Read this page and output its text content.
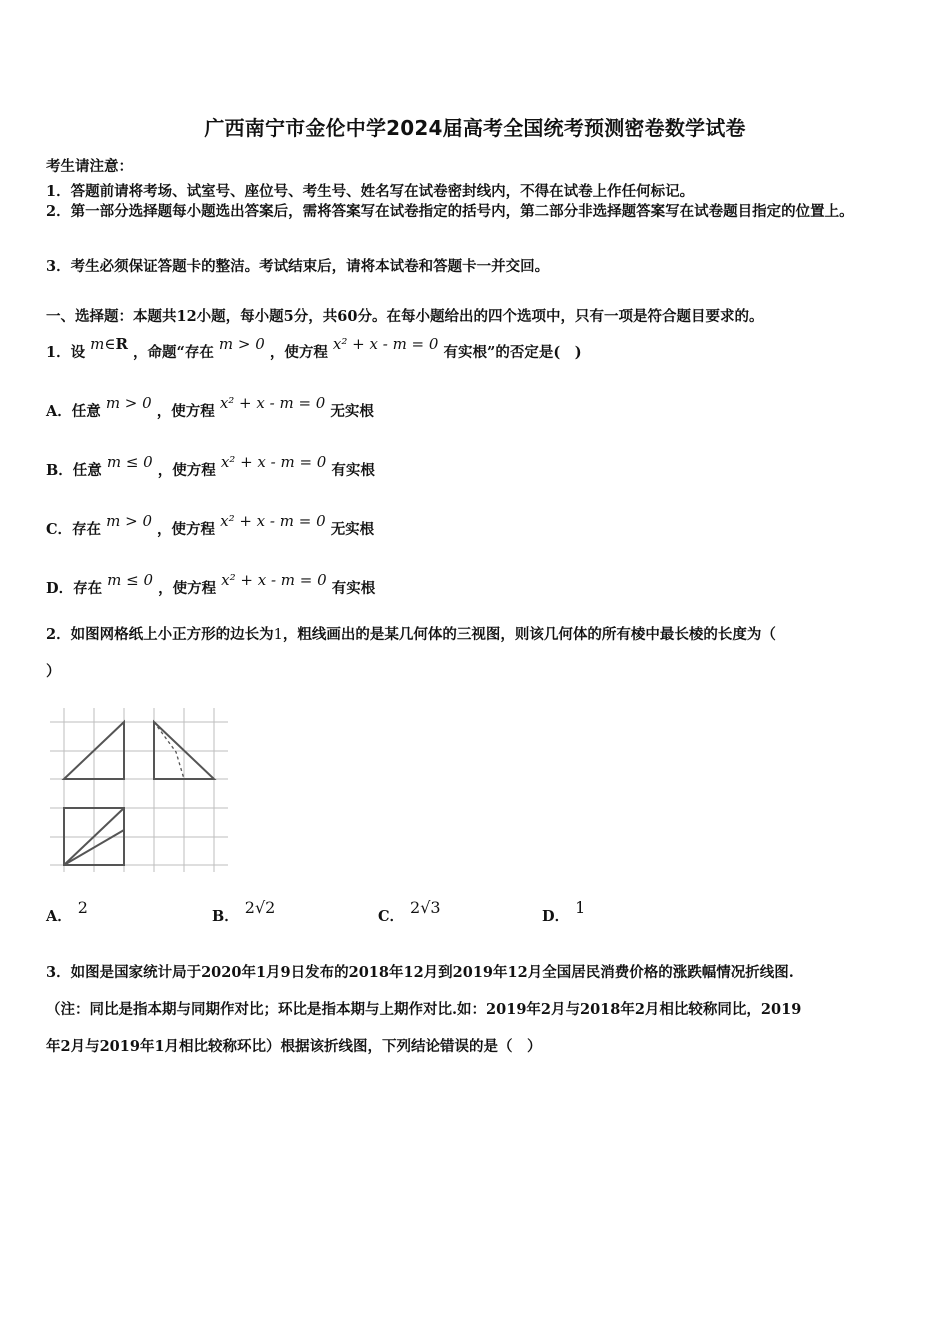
广西南宁市金伦中学2024届高考全国统考预测密卷数学试卷
考生请注意：
1．答题前请将考场、试室号、座位号、考生号、姓名写在试卷密封线内，不得在试卷上作任何标记。
2．第一部分选择题每小题选出答案后，需将答案写在试卷指定的括号内，第二部分非选择题答案写在试卷题目指定的位置上。
3．考生必须保证答题卡的整洁。考试结束后，请将本试卷和答题卡一并交回。
一、选择题：本题共12小题，每小题5分，共60分。在每小题给出的四个选项中，只有一项是符合题目要求的。
1．设 m∈R ，命题“存在 m > 0 ，使方程 x² + x - m = 0 有实根”的否定是(　)
A．任意 m > 0 ，使方程 x² + x - m = 0 无实根
B．任意 m ≤ 0 ，使方程 x² + x - m = 0 有实根
C．存在 m > 0 ，使方程 x² + x - m = 0 无实根
D．存在 m ≤ 0 ，使方程 x² + x - m = 0 有实根
2．如图网格纸上小正方形的边长为1，粗线画出的是某几何体的三视图，则该几何体的所有棱中最长棱的长度为（
）
A． 2	B． 2√2	C． 2√3	D． 1
3．如图是国家统计局于2020年1月9日发布的2018年12月到2019年12月全国居民消费价格的涨跌幅情况折线图.
（注：同比是指本期与同期作对比；环比是指本期与上期作对比.如：2019年2月与2018年2月相比较称同比，2019
年2月与2019年1月相比较称环比）根据该折线图，下列结论错误的是（　）
